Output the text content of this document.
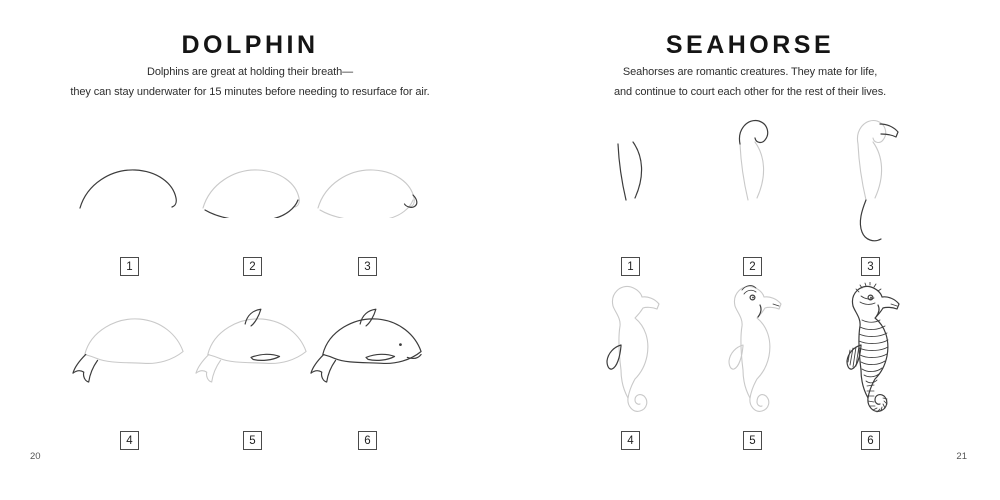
DOLPHIN

Dolphins are great at holding their breath—
they can stay underwater for 15 minutes before needing to resurface for air.

1	2	3
4	5	6
20
SEAHORSE

Seahorses are romantic creatures. They mate for life,
and continue to court each other for the rest of their lives.

1	2	3
4	5	6
21
